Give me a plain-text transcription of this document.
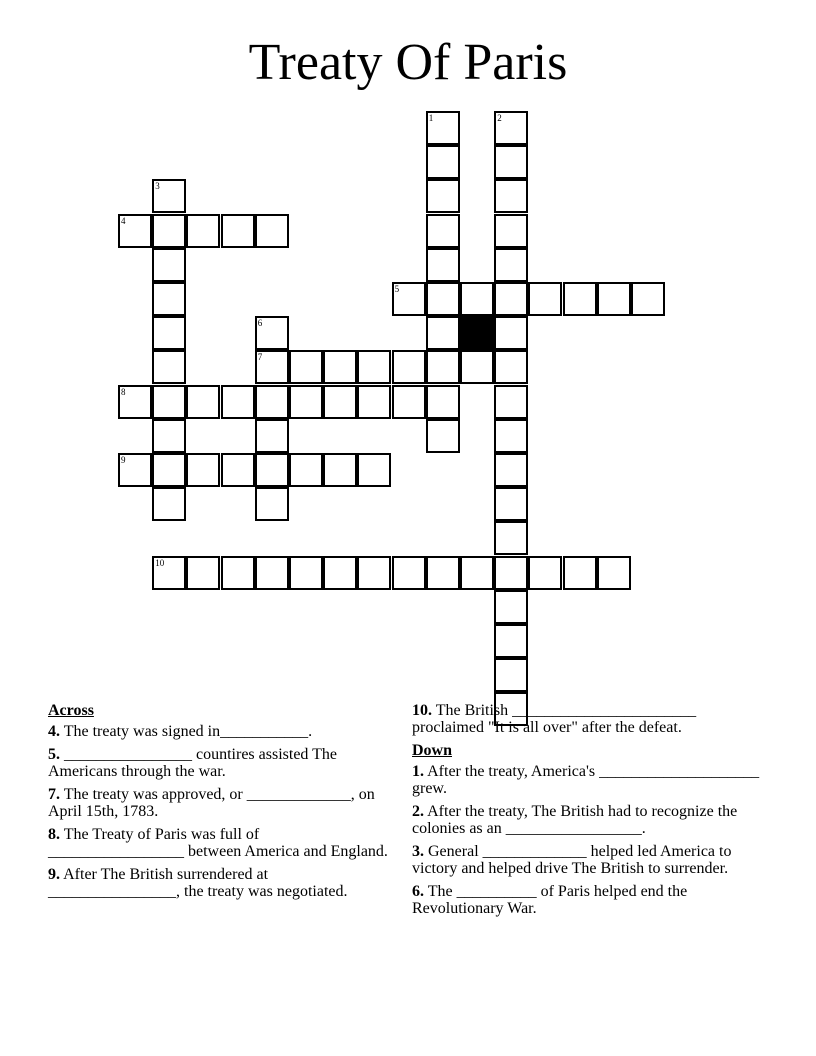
Treaty Of Paris
1	2
3
4
5
6
7
8
9
10
Across
4. The treaty was signed in___________.
5. ________________ countires assisted The Americans through the war.
7. The treaty was approved, or _____________, on April 15th, 1783.
8. The Treaty of Paris was full of _________________ between America and England.
9. After The British surrendered at ________________, the treaty was negotiated.
10. The British _______________________ proclaimed "It is all over" after the defeat.
Down
1. After the treaty, America's ____________________ grew.
2. After the treaty, The British had to recognize the colonies as an _________________.
3. General _____________ helped led America to victory and helped drive The British to surrender.
6. The __________ of Paris helped end the Revolutionary War.
